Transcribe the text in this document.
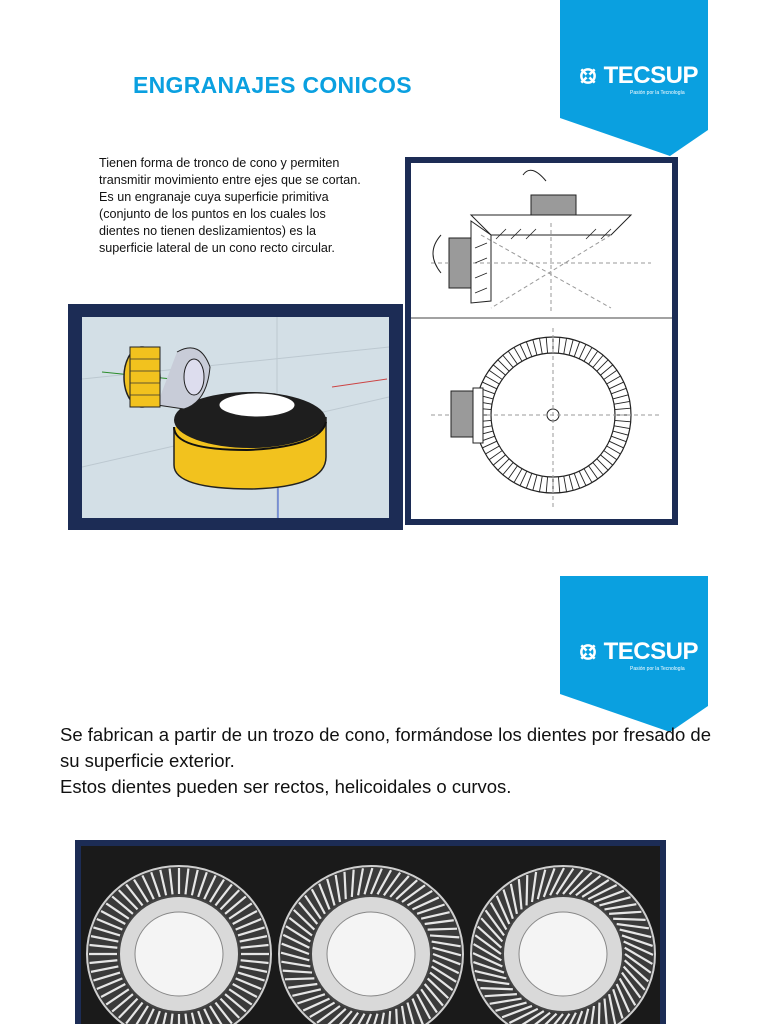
ENGRANAJES CONICOS	TECSUP
Pasión por la Tecnología

Tienen forma de tronco de cono y permiten transmitir movimiento entre ejes que se cortan.

Es un engranaje cuya superficie primitiva (conjunto de los puntos en los cuales los dientes no tienen deslizamientos) es la superficie lateral de un cono recto circular.

TECSUP
Pasión por la Tecnología

Se fabrican a partir de un trozo de cono, formándose los dientes por fresado de su superficie exterior.

Estos dientes pueden ser rectos, helicoidales o curvos.
